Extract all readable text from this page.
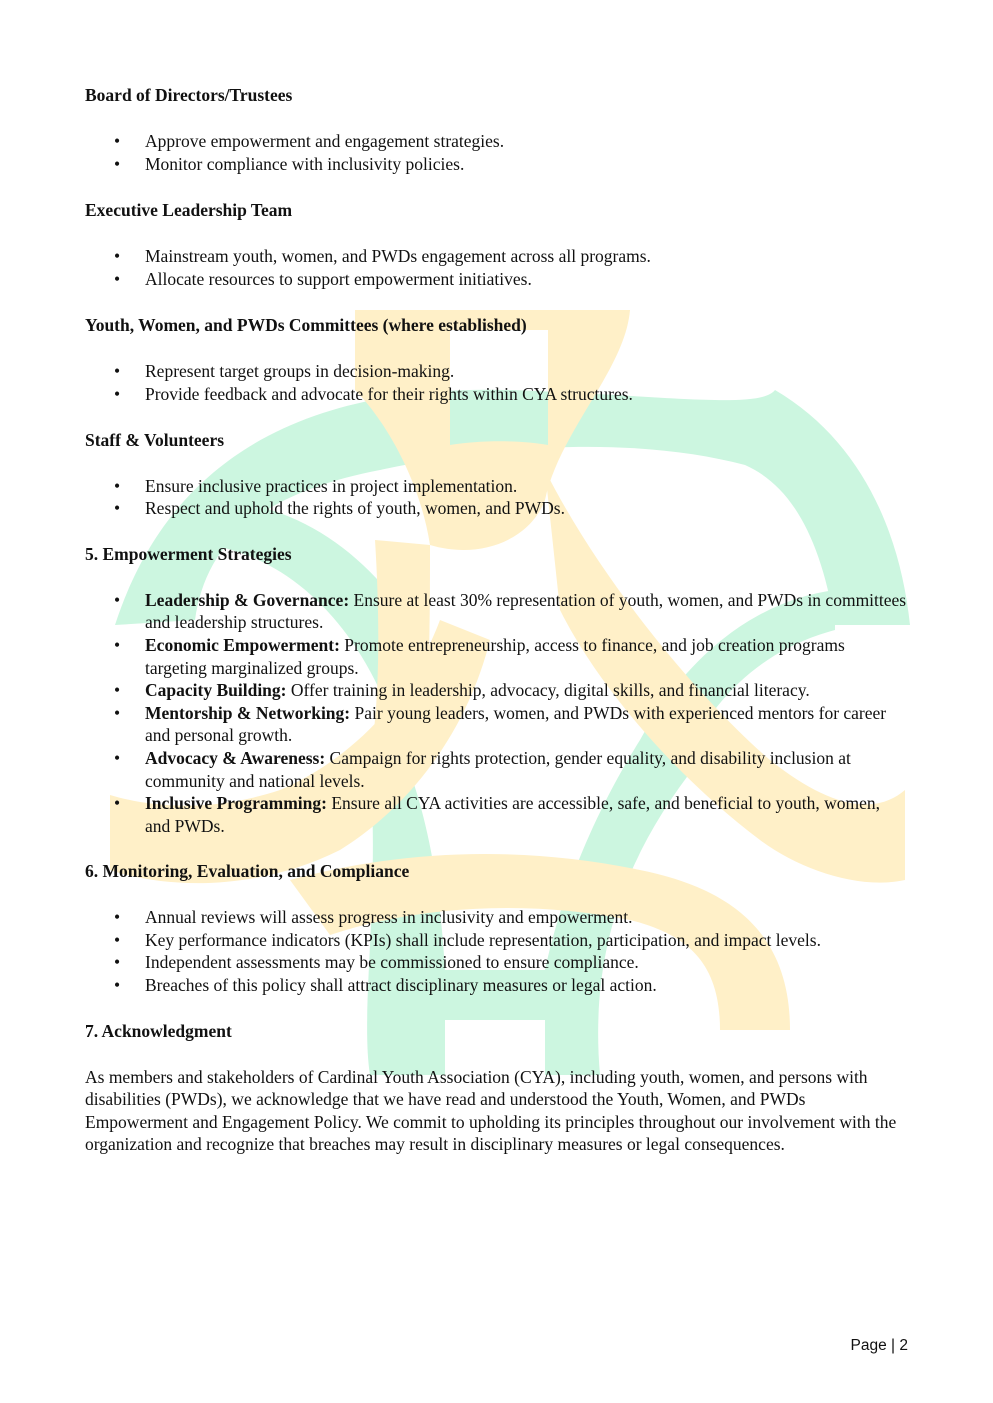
Board of Directors/Trustees
• Approve empowerment and engagement strategies.
• Monitor compliance with inclusivity policies.
Executive Leadership Team
• Mainstream youth, women, and PWDs engagement across all programs.
• Allocate resources to support empowerment initiatives.
Youth, Women, and PWDs Committees (where established)
• Represent target groups in decision-making.
• Provide feedback and advocate for their rights within CYA structures.
Staff & Volunteers
• Ensure inclusive practices in project implementation.
• Respect and uphold the rights of youth, women, and PWDs.
5. Empowerment Strategies
• Leadership & Governance: Ensure at least 30% representation of youth, women, and PWDs in committees and leadership structures.
• Economic Empowerment: Promote entrepreneurship, access to finance, and job creation programs targeting marginalized groups.
• Capacity Building: Offer training in leadership, advocacy, digital skills, and financial literacy.
• Mentorship & Networking: Pair young leaders, women, and PWDs with experienced mentors for career and personal growth.
• Advocacy & Awareness: Campaign for rights protection, gender equality, and disability inclusion at community and national levels.
• Inclusive Programming: Ensure all CYA activities are accessible, safe, and beneficial to youth, women, and PWDs.
6. Monitoring, Evaluation, and Compliance
• Annual reviews will assess progress in inclusivity and empowerment.
• Key performance indicators (KPIs) shall include representation, participation, and impact levels.
• Independent assessments may be commissioned to ensure compliance.
• Breaches of this policy shall attract disciplinary measures or legal action.
7. Acknowledgment

As members and stakeholders of Cardinal Youth Association (CYA), including youth, women, and persons with disabilities (PWDs), we acknowledge that we have read and understood the Youth, Women, and PWDs Empowerment and Engagement Policy. We commit to upholding its principles throughout our involvement with the organization and recognize that breaches may result in disciplinary measures or legal consequences.

Page | 2
